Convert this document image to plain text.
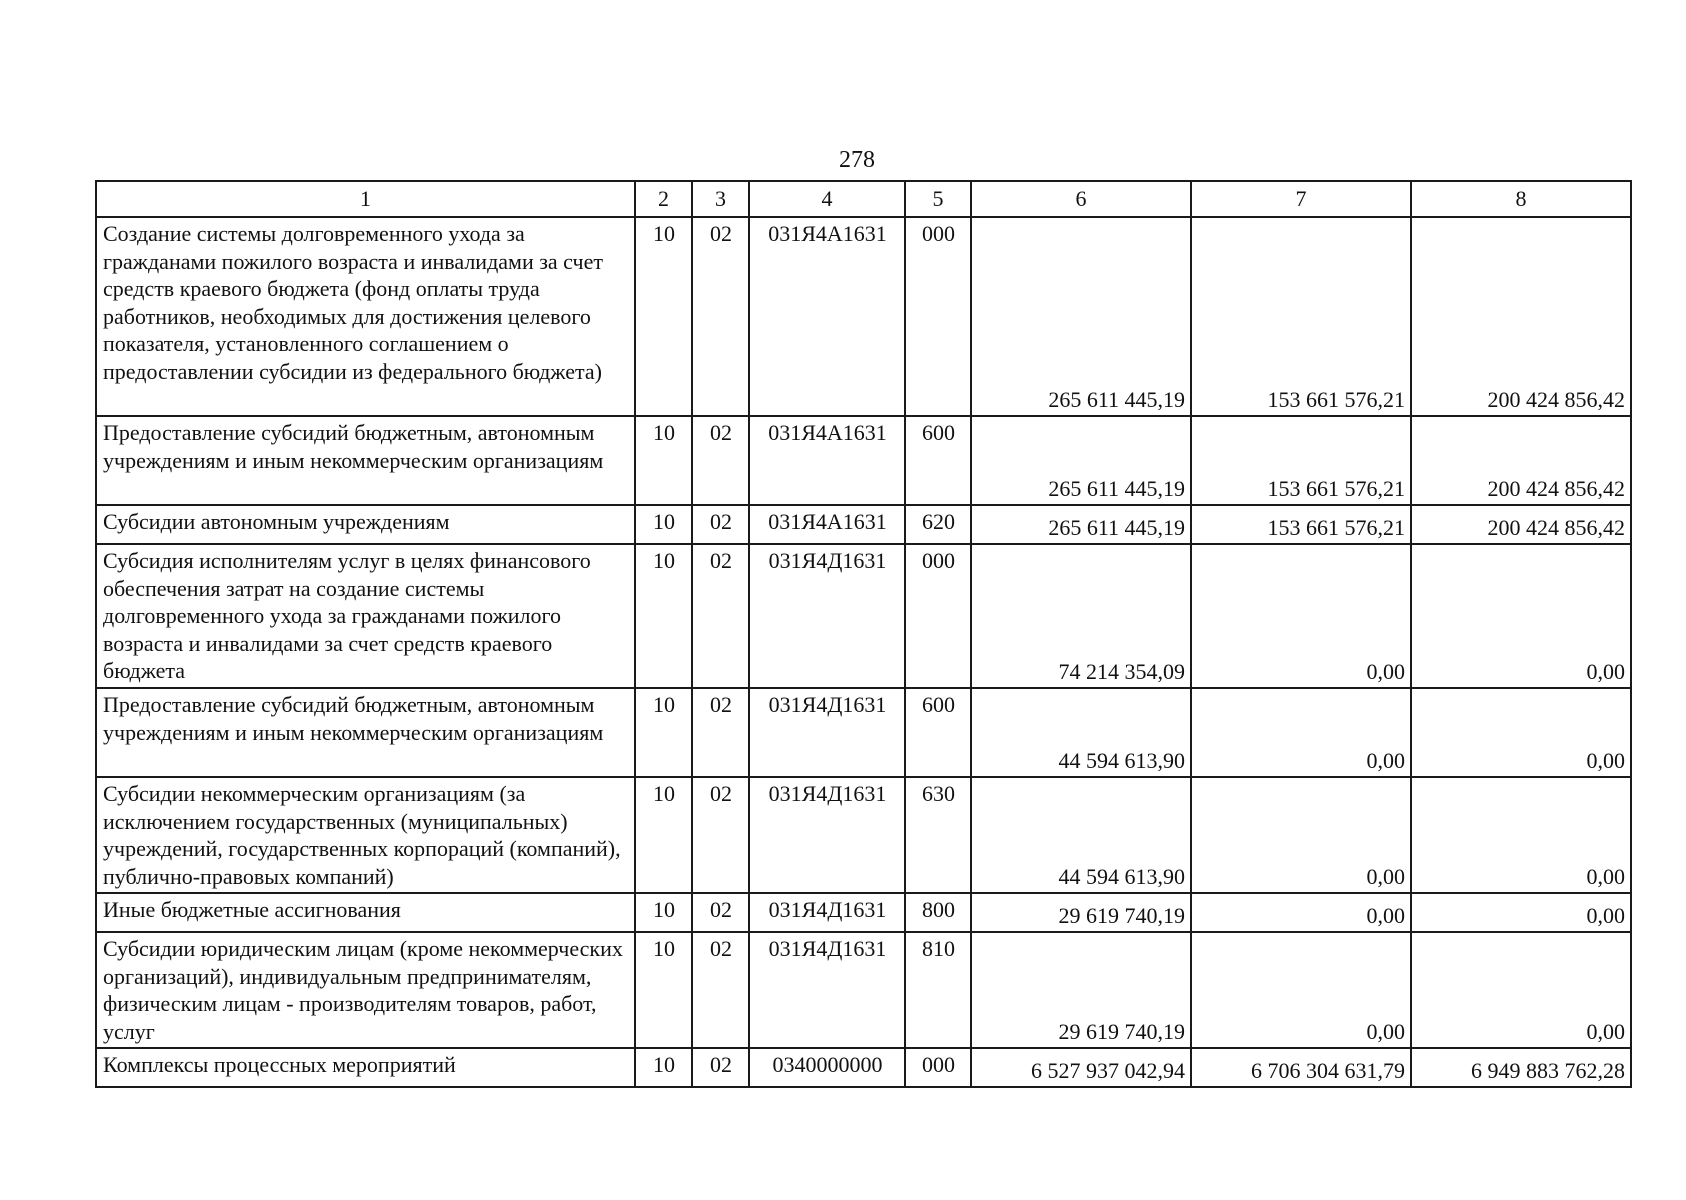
278
1	2	3	4	5	6	7	8
Создание системы долговременного ухода за гражданами пожилого возраста и инвалидами за счет средств краевого бюджета (фонд оплаты труда работников, необходимых для достижения целевого показателя, установленного соглашением о предоставлении субсидии из федерального бюджета)	10	02	031Я4А1631	000	265 611 445,19	153 661 576,21	200 424 856,42
Предоставление субсидий бюджетным, автономным учреждениям и иным некоммерческим организациям	10	02	031Я4А1631	600	265 611 445,19	153 661 576,21	200 424 856,42
Субсидии автономным учреждениям	10	02	031Я4А1631	620	265 611 445,19	153 661 576,21	200 424 856,42
Субсидия исполнителям услуг в целях финансового обеспечения затрат на создание системы долговременного ухода за гражданами пожилого возраста и инвалидами за счет средств краевого бюджета	10	02	031Я4Д1631	000	74 214 354,09	0,00	0,00
Предоставление субсидий бюджетным, автономным учреждениям и иным некоммерческим организациям	10	02	031Я4Д1631	600	44 594 613,90	0,00	0,00
Субсидии некоммерческим организациям (за исключением государственных (муниципальных) учреждений, государственных корпораций (компаний), публично-правовых компаний)	10	02	031Я4Д1631	630	44 594 613,90	0,00	0,00
Иные бюджетные ассигнования	10	02	031Я4Д1631	800	29 619 740,19	0,00	0,00
Субсидии юридическим лицам (кроме некоммерческих организаций), индивидуальным предпринимателям, физическим лицам - производителям товаров, работ, услуг	10	02	031Я4Д1631	810	29 619 740,19	0,00	0,00
Комплексы процессных мероприятий	10	02	0340000000	000	6 527 937 042,94	6 706 304 631,79	6 949 883 762,28
